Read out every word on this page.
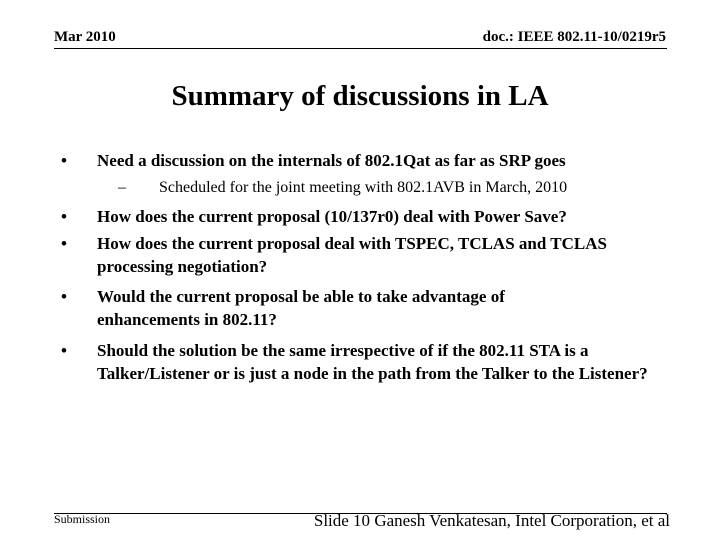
Mar 2010	doc.: IEEE 802.11-10/0219r5
Summary of discussions in LA
•	Need a discussion on the internals of 802.1Qat as far as SRP goes
– Scheduled for the joint meeting with 802.1AVB in March, 2010
•	How does the current proposal (10/137r0) deal with Power Save?
•	How does the current proposal deal with TSPEC, TCLAS and TCLAS processing negotiation?
•	Would the current proposal be able to take advantage of enhancements in 802.11?
•	Should the solution be the same irrespective of if the 802.11 STA is a Talker/Listener or is just a node in the path from the Talker to the Listener?
Submission	Slide 10 Ganesh Venkatesan, Intel Corporation, et al
